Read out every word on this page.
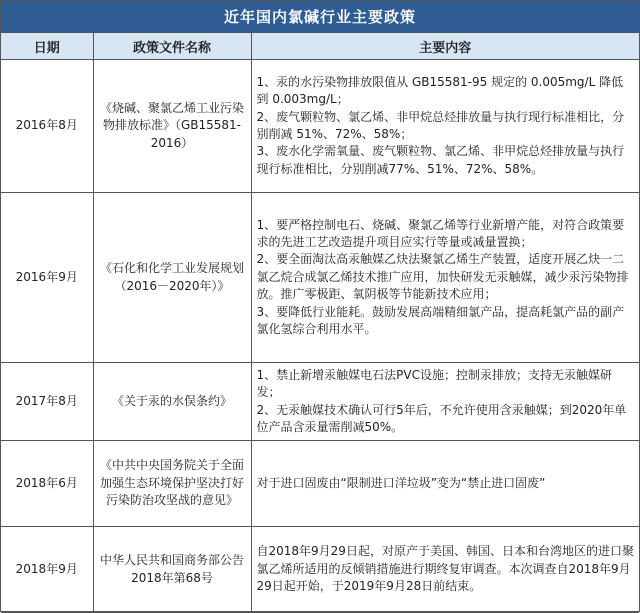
近年国内氯碱行业主要政策
日期	政策文件名称	主要内容
2016年8月	《烧碱、聚氯乙烯工业污染物排放标准》（GB15581-2016）	1、汞的水污染物排放限值从 GB15581-95 规定的 0.005mg/L 降低到 0.003mg/L；
2、废气颗粒物、氯乙烯、非甲烷总烃排放量与执行现行标准相比，分别削减 51%、72%、58%；
3、废水化学需氧量、废气颗粒物、氯乙烯、非甲烷总烃排放量与执行现行标准相比，分别削减77%、51%、72%、58%。

2016年9月	《石化和化学工业发展规划（2016－2020年）》	1、要严格控制电石、烧碱、聚氯乙烯等行业新增产能，对符合政策要求的先进工艺改造提升项目应实行等量或减量置换；
2、要全面淘汰高汞触媒乙炔法聚氯乙烯生产装置，适度开展乙炔一二氯乙烷合成氯乙烯技术推广应用，加快研发无汞触媒，减少汞污染物排放。推广零极距、氧阴极等节能新技术应用；
3、要降低行业能耗。鼓励发展高端精细氯产品，提高耗氯产品的副产氯化氢综合利用水平。

2017年8月	《关于汞的水俣条约》	1、禁止新增汞触媒电石法PVC设施；控制汞排放；支持无汞触媒研发；
2、无汞触媒技术确认可行5年后，不允许使用含汞触媒；到2020年单位产品含汞量需削减50%。

2018年6月	《中共中央国务院关于全面加强生态环境保护坚决打好污染防治攻坚战的意见》	对于进口固废由“限制进口洋垃圾”变为“禁止进口固废”

2018年9月	中华人民共和国商务部公告2018年第68号	自2018年9月29日起，对原产于美国、韩国、日本和台湾地区的进口聚氯乙烯所适用的反倾销措施进行期终复审调查。本次调查自2018年9月29日起开始，于2019年9月28日前结束。
